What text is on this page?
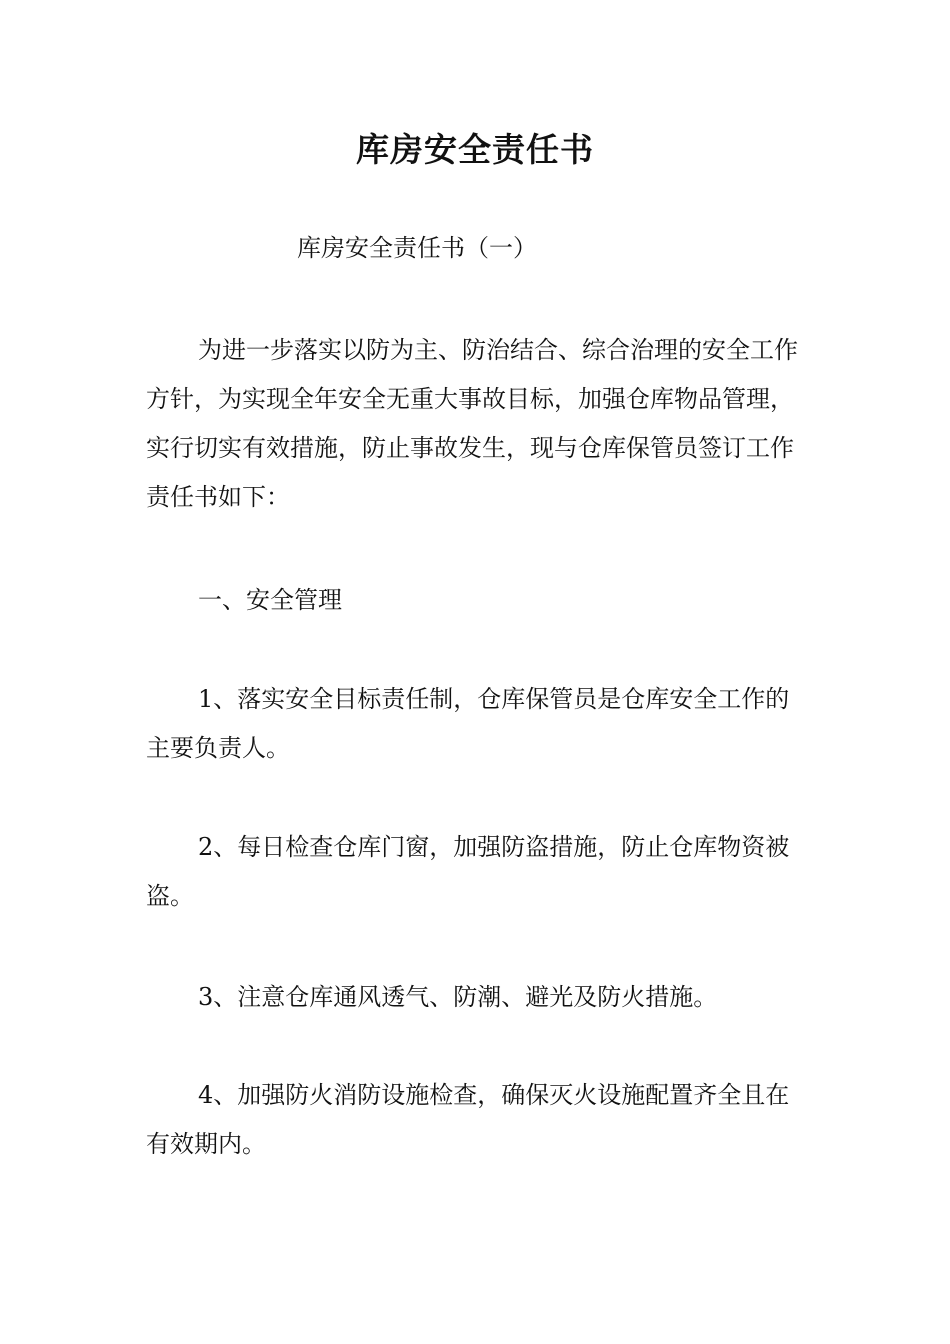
库房安全责任书
库房安全责任书（一）

为进一步落实以防为主、防治结合、综合治理的安全工作方针，为实现全年安全无重大事故目标，加强仓库物品管理，实行切实有效措施，防止事故发生，现与仓库保管员签订工作责任书如下：

一、安全管理

1、落实安全目标责任制，仓库保管员是仓库安全工作的主要负责人。

2、每日检查仓库门窗，加强防盗措施，防止仓库物资被盗。

3、注意仓库通风透气、防潮、避光及防火措施。

4、加强防火消防设施检查，确保灭火设施配置齐全且在有效期内。
